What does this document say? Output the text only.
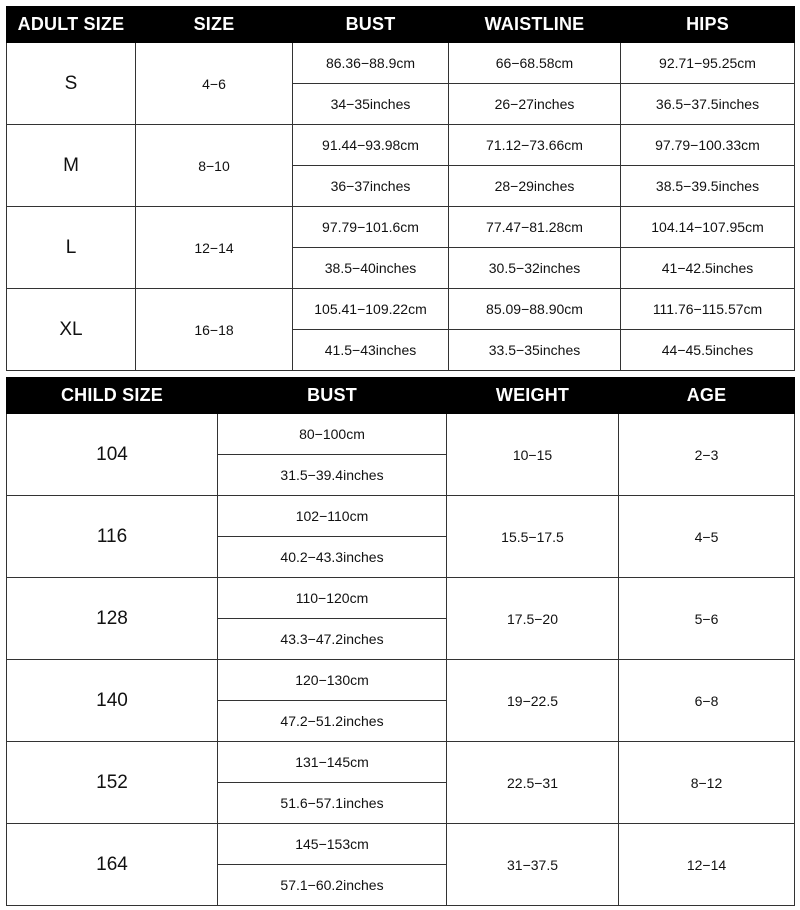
ADULT SIZE	SIZE	BUST	WAISTLINE	HIPS
S	4−6	86.36−88.9cm	66−68.58cm	92.71−95.25cm
		34−35inches	26−27inches	36.5−37.5inches
M	8−10	91.44−93.98cm	71.12−73.66cm	97.79−100.33cm
		36−37inches	28−29inches	38.5−39.5inches
L	12−14	97.79−101.6cm	77.47−81.28cm	104.14−107.95cm
		38.5−40inches	30.5−32inches	41−42.5inches
XL	16−18	105.41−109.22cm	85.09−88.90cm	111.76−115.57cm
		41.5−43inches	33.5−35inches	44−45.5inches
CHILD SIZE	BUST	WEIGHT	AGE
104	80−100cm	10−15	2−3
	31.5−39.4inches		
116	102−110cm	15.5−17.5	4−5
	40.2−43.3inches		
128	110−120cm	17.5−20	5−6
	43.3−47.2inches		
140	120−130cm	19−22.5	6−8
	47.2−51.2inches		
152	131−145cm	22.5−31	8−12
	51.6−57.1inches		
164	145−153cm	31−37.5	12−14
	57.1−60.2inches		
